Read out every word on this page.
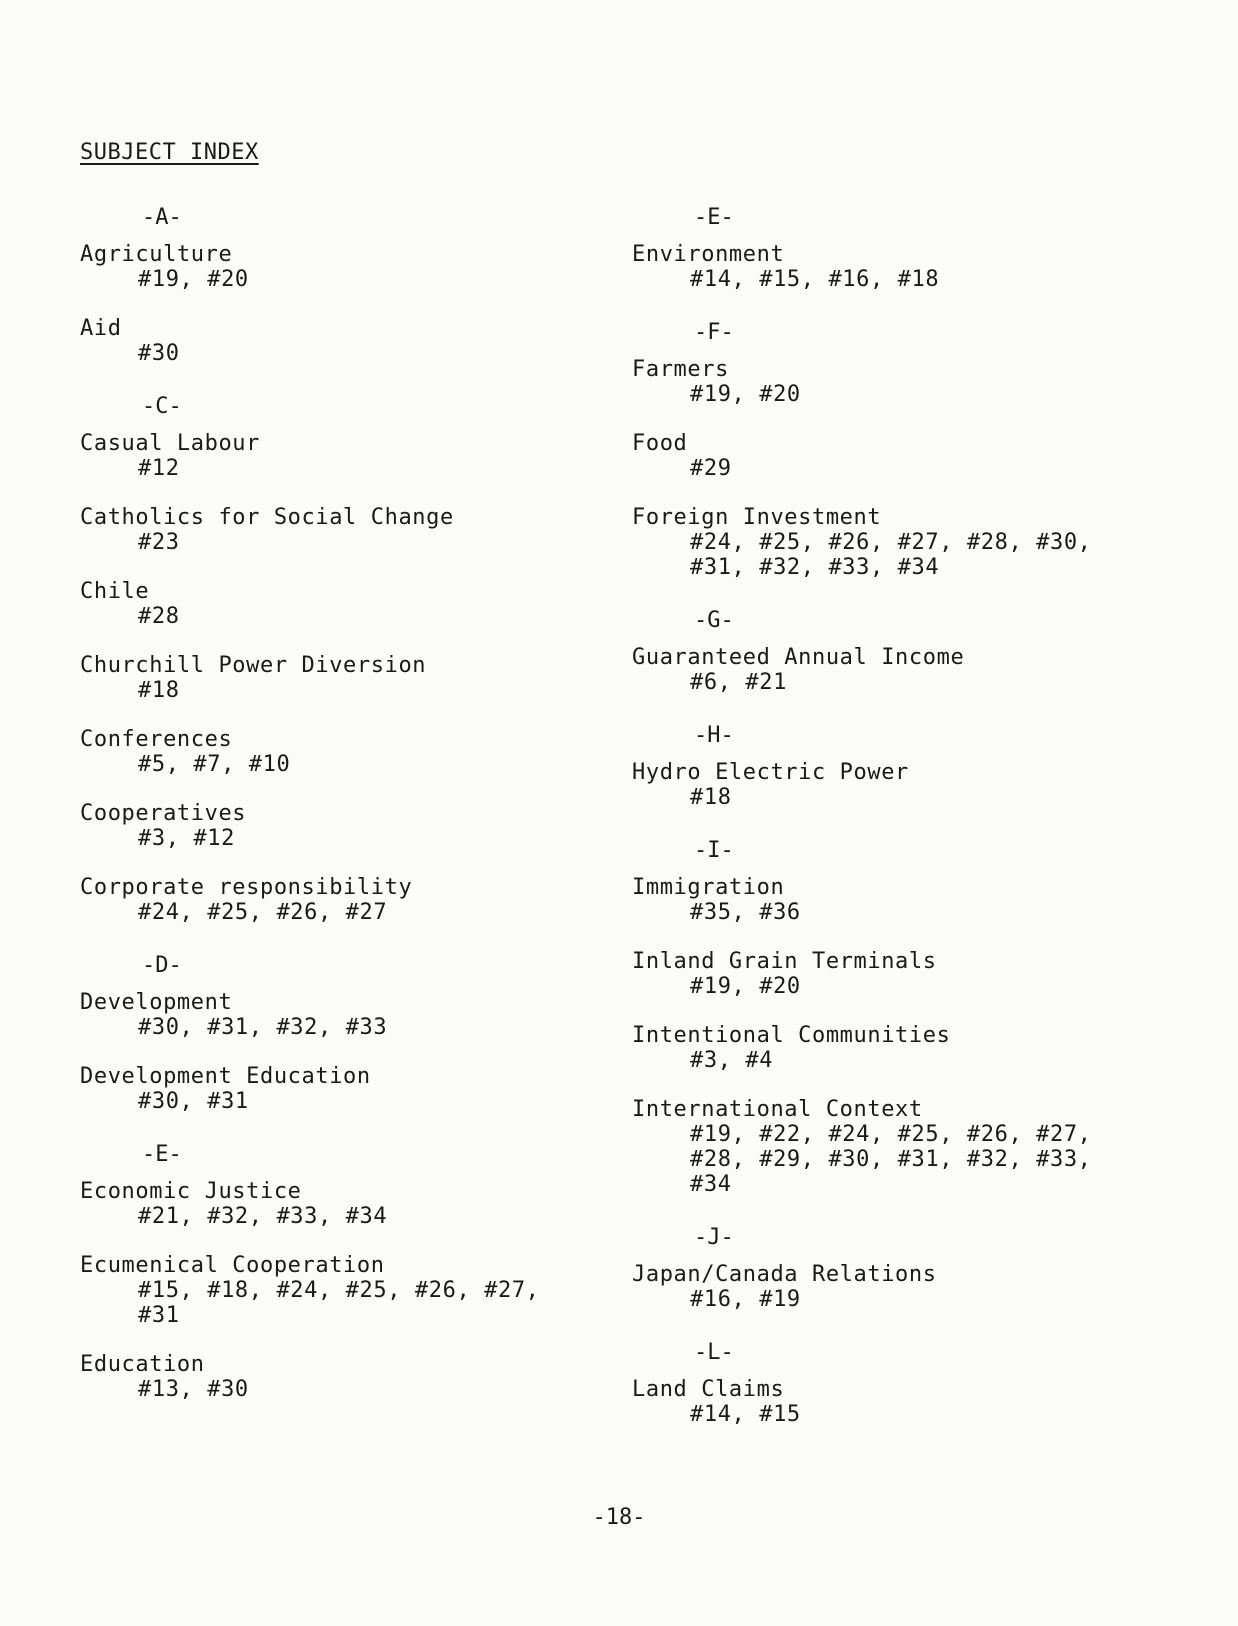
SUBJECT INDEX
-A-
Agriculture
#19, #20
Aid
#30
-C-
Casual Labour
#12
Catholics for Social Change
#23
Chile
#28
Churchill Power Diversion
#18
Conferences
#5, #7, #10
Cooperatives
#3, #12
Corporate responsibility
#24, #25, #26, #27
-D-
Development
#30, #31, #32, #33
Development Education
#30, #31
-E-
Economic Justice
#21, #32, #33, #34
Ecumenical Cooperation
#15, #18, #24, #25, #26, #27,
#31
Education
#13, #30
-E-
Environment
#14, #15, #16, #18
-F-
Farmers
#19, #20
Food
#29
Foreign Investment
#24, #25, #26, #27, #28, #30,
#31, #32, #33, #34
-G-
Guaranteed Annual Income
#6, #21
-H-
Hydro Electric Power
#18
-I-
Immigration
#35, #36
Inland Grain Terminals
#19, #20
Intentional Communities
#3, #4
International Context
#19, #22, #24, #25, #26, #27,
#28, #29, #30, #31, #32, #33,
#34
-J-
Japan/Canada Relations
#16, #19
-L-
Land Claims
#14, #15
-18-
